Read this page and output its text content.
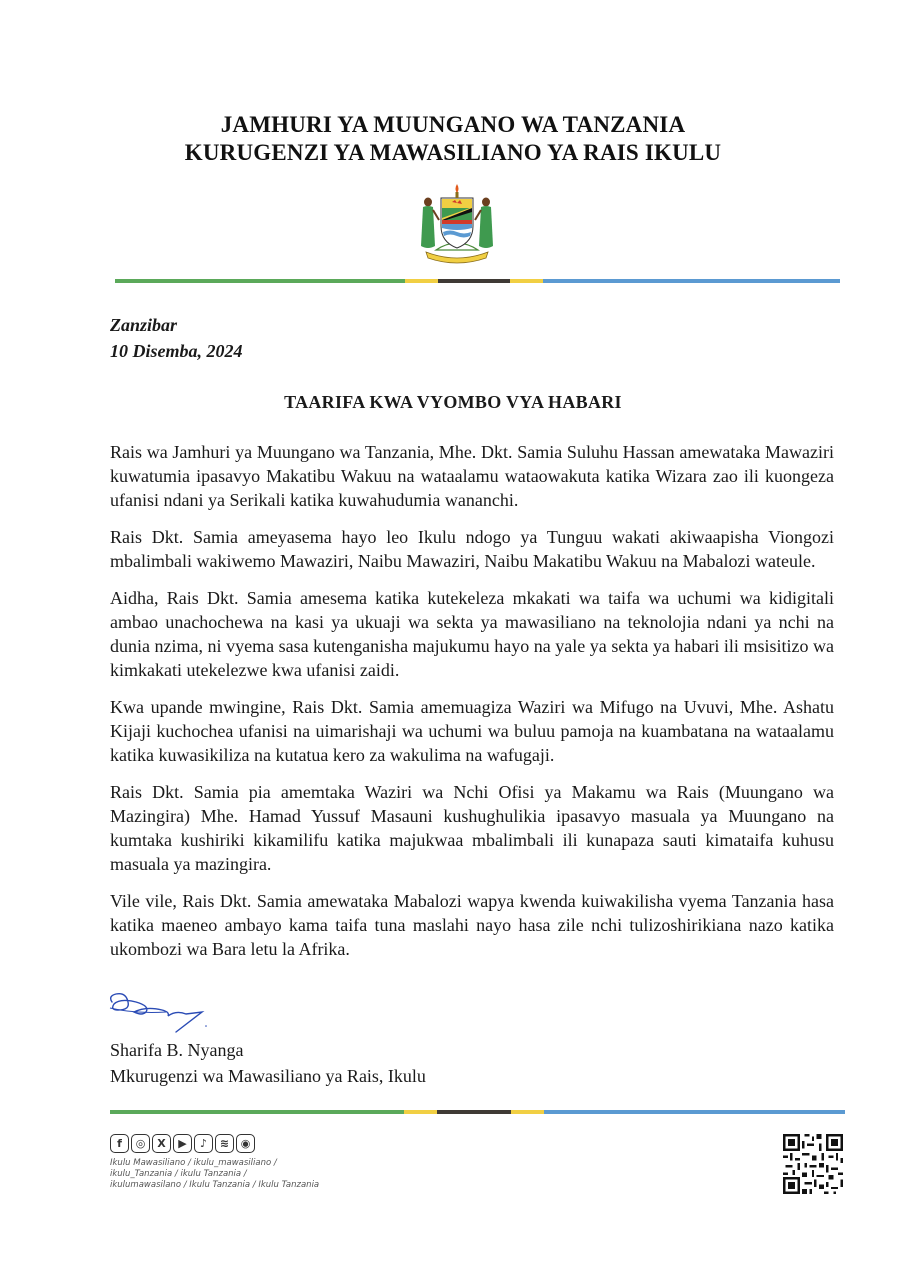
JAMHURI YA MUUNGANO WA TANZANIA
KURUGENZI YA MAWASILIANO YA RAIS IKULU
Zanzibar
10 Disemba, 2024
TAARIFA KWA VYOMBO VYA HABARI

Rais wa Jamhuri ya Muungano wa Tanzania, Mhe. Dkt. Samia Suluhu Hassan amewataka Mawaziri kuwatumia ipasavyo Makatibu Wakuu na wataalamu wataowakuta katika Wizara zao ili kuongeza ufanisi ndani ya Serikali katika kuwahudumia wananchi.

Rais Dkt. Samia ameyasema hayo leo Ikulu ndogo ya Tunguu wakati akiwaapisha Viongozi mbalimbali wakiwemo Mawaziri, Naibu Mawaziri, Naibu Makatibu Wakuu na Mabalozi wateule.

Aidha, Rais Dkt. Samia amesema katika kutekeleza mkakati wa taifa wa uchumi wa kidigitali ambao unachochewa na kasi ya ukuaji wa sekta ya mawasiliano na teknolojia ndani ya nchi na dunia nzima, ni vyema sasa kutenganisha majukumu hayo na yale ya sekta ya habari ili msisitizo wa kimkakati utekelezwe kwa ufanisi zaidi.

Kwa upande mwingine, Rais Dkt. Samia amemuagiza Waziri wa Mifugo na Uvuvi, Mhe. Ashatu Kijaji kuchochea ufanisi na uimarishaji wa uchumi wa buluu pamoja na kuambatana na wataalamu katika kuwasikiliza na kutatua kero za wakulima na wafugaji.

Rais Dkt. Samia pia amemtaka Waziri wa Nchi Ofisi ya Makamu wa Rais (Muungano wa Mazingira) Mhe. Hamad Yussuf Masauni kushughulikia ipasavyo masuala ya Muungano na kumtaka kushiriki kikamilifu katika majukwaa mbalimbali ili kunapaza sauti kimataifa kuhusu masuala ya mazingira.

Vile vile, Rais Dkt. Samia amewataka Mabalozi wapya kwenda kuiwakilisha vyema Tanzania hasa katika maeneo ambayo kama taifa tuna maslahi nayo hasa zile nchi tulizoshirikiana nazo katika ukombozi wa Bara letu la Afrika.

Sharifa B. Nyanga
Mkurugenzi wa Mawasiliano ya Rais, Ikulu
f	◎	X	▶	♪	≋	◉
Ikulu Mawasiliano / ikulu_mawasiliano /
ikulu_Tanzania / ikulu Tanzania /
ikulumawasilano / Ikulu Tanzania / Ikulu Tanzania
